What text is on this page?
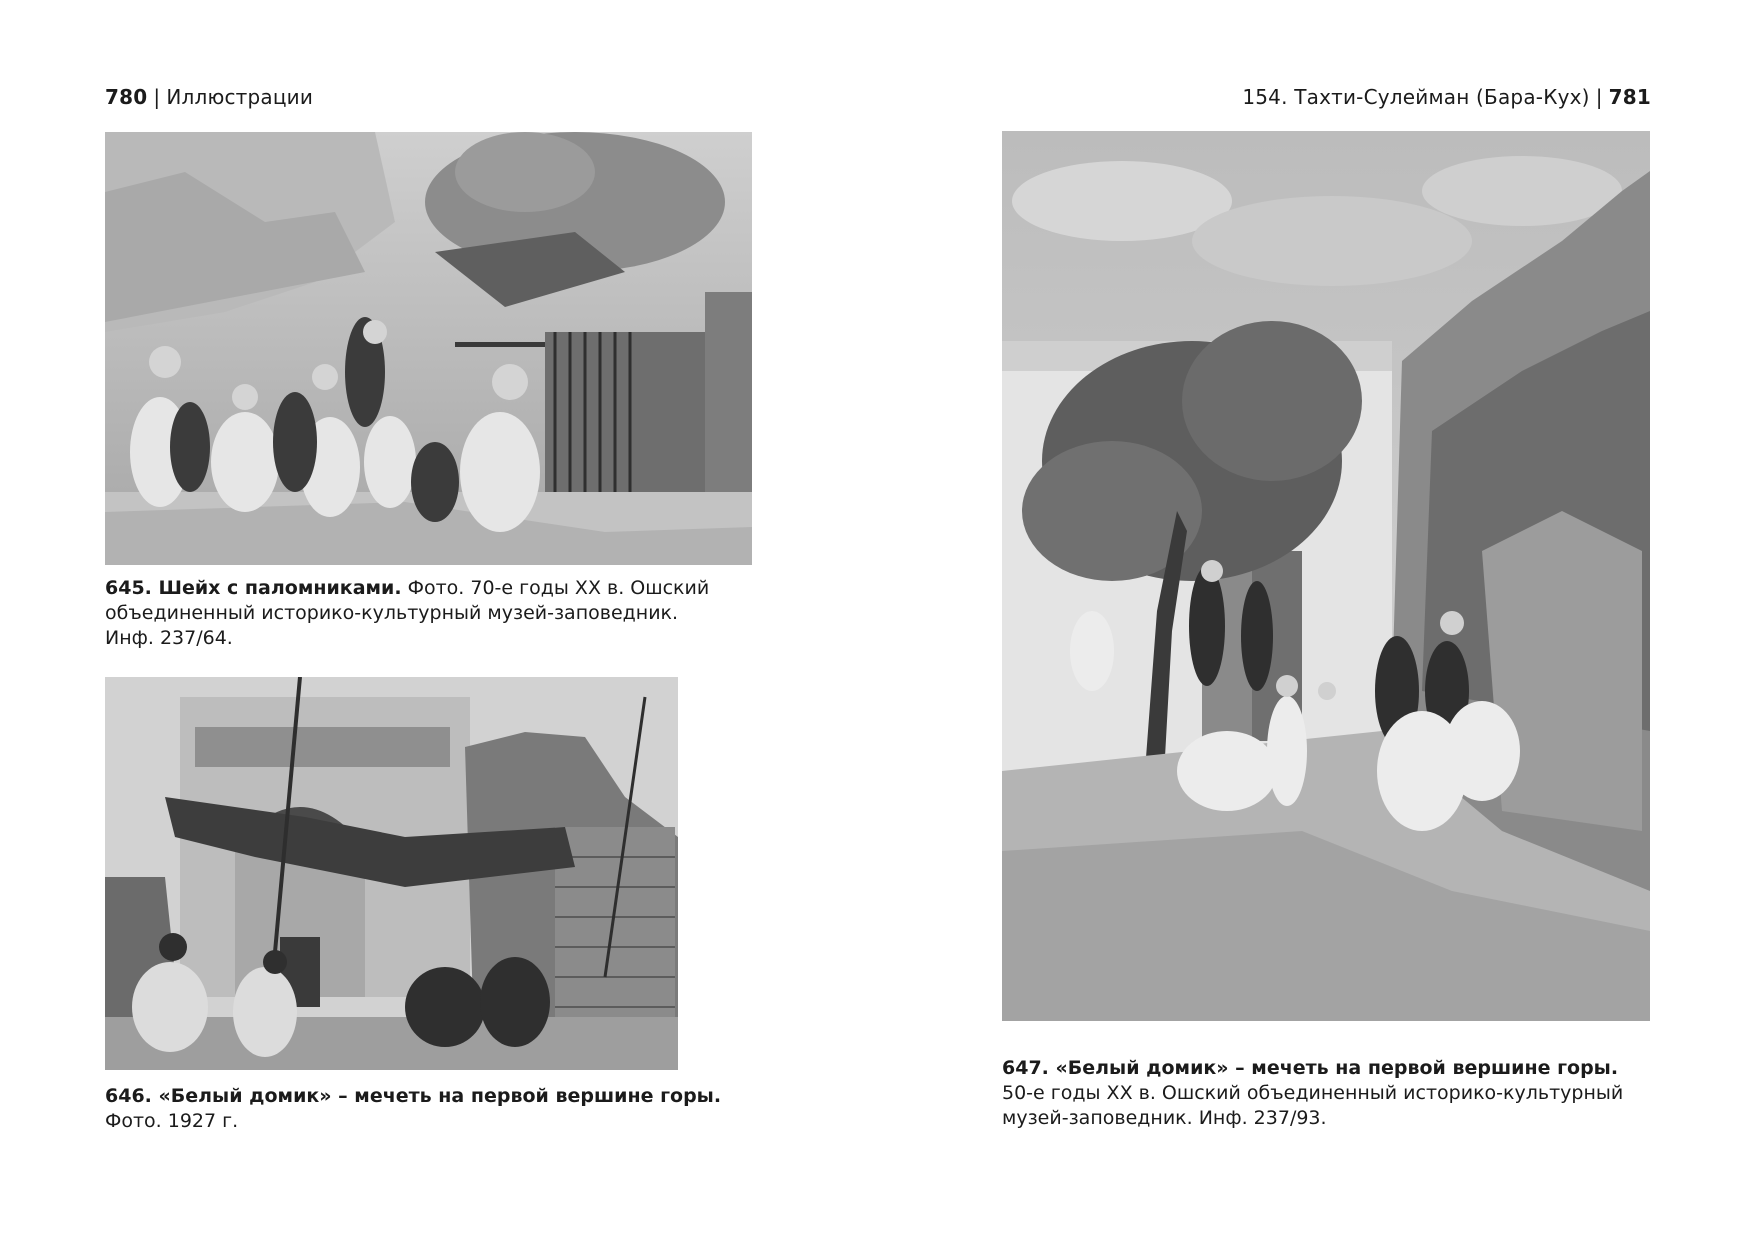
780 | Иллюстрации	154. Тахти-Сулейман (Бара-Кух) | 781
645. Шейх с паломниками. Фото. 70-е годы XX в. Ошский
объединенный историко-культурный музей-заповедник.
Инф. 237/64.
646. «Белый домик» – мечеть на первой вершине горы.
Фото. 1927 г.
647. «Белый домик» – мечеть на первой вершине горы.
50-е годы XX в. Ошский объединенный историко-культурный
музей-заповедник. Инф. 237/93.
